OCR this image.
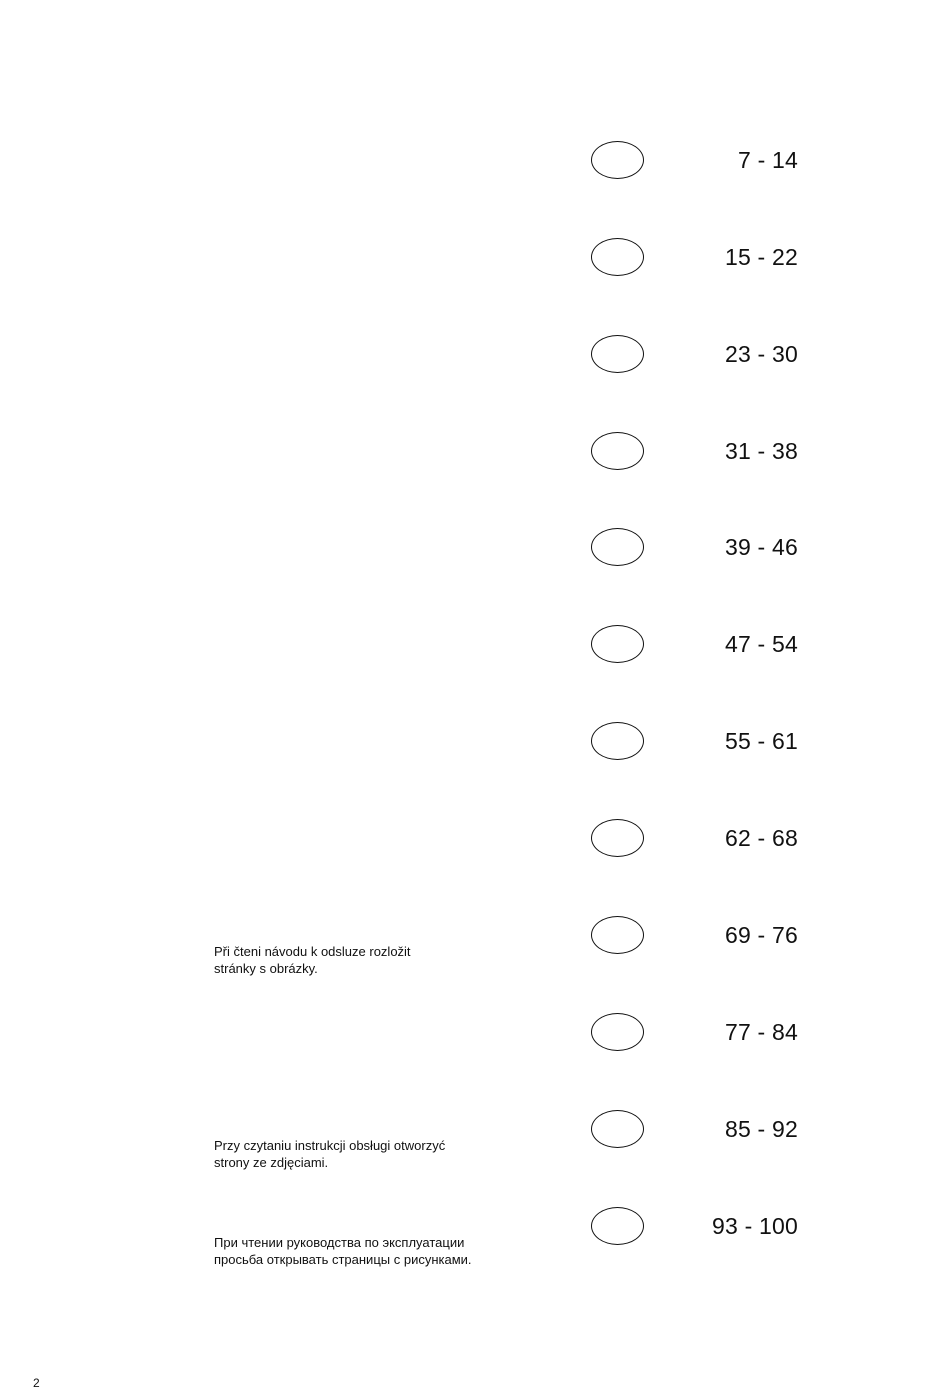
7 - 14
15 - 22
23 - 30
31 - 38
39 - 46
47 - 54
55 - 61
62 - 68
69 - 76
77 - 84
85 - 92
93 - 100
Při čteni návodu k odsluze rozložit
stránky s obrázky.
Przy czytaniu instrukcji obsługi otworzyć
strony ze zdjęciami.
При чтении руководства по эксплуатации
просьба открывать страницы с рисунками.
2
